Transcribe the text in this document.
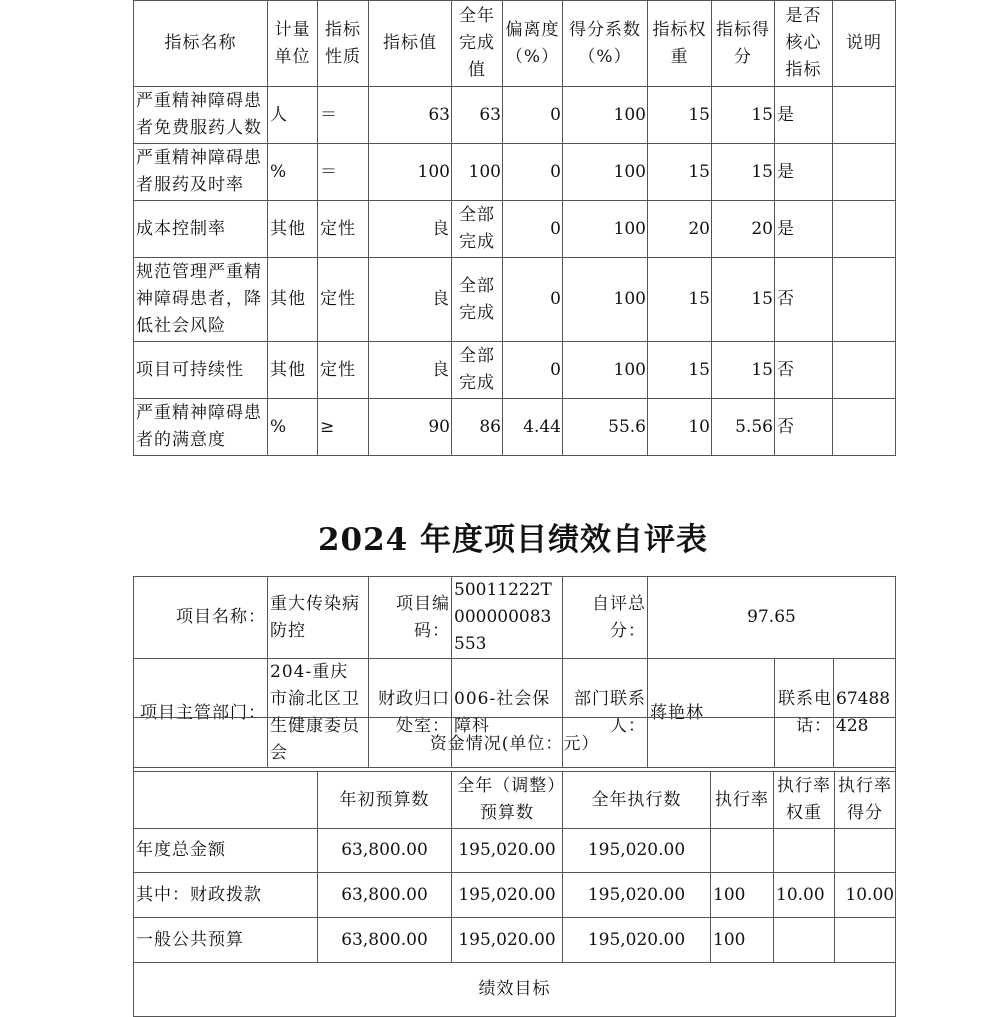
指标名称	计量单位	指标性质	指标值	全年完成值	偏离度（%）	得分系数（%）	指标权重	指标得分	是否核心指标	说明
严重精神障碍患者免费服药人数	人	＝	63	63	0	100	15	15	是	
严重精神障碍患者服药及时率	%	＝	100	100	0	100	15	15	是	
成本控制率	其他	定性	良	全部完成	0	100	20	20	是	
规范管理严重精神障碍患者，降低社会风险	其他	定性	良	全部完成	0	100	15	15	否	
项目可持续性	其他	定性	良	全部完成	0	100	15	15	否	
严重精神障碍患者的满意度	%	≥	90	86	4.44	55.6	10	5.56	否	
2024 年度项目绩效自评表
项目名称：	重大传染病防控	项目编码：	50011222T000000083553	自评总分：	97.65		
项目主管部门：	204-重庆市渝北区卫生健康委员会	财政归口处室：	006-社会保障科	部门联系人：	蒋艳林	联系电话：	67488428
资金情况(单位：元）						
	年初预算数	全年（调整）预算数	全年执行数	执行率	执行率权重	执行率得分
年度总金额	63,800.00	195,020.00	195,020.00			
其中：财政拨款	63,800.00	195,020.00	195,020.00	100	10.00	10.00
一般公共预算	63,800.00	195,020.00	195,020.00	100		
绩效目标						
